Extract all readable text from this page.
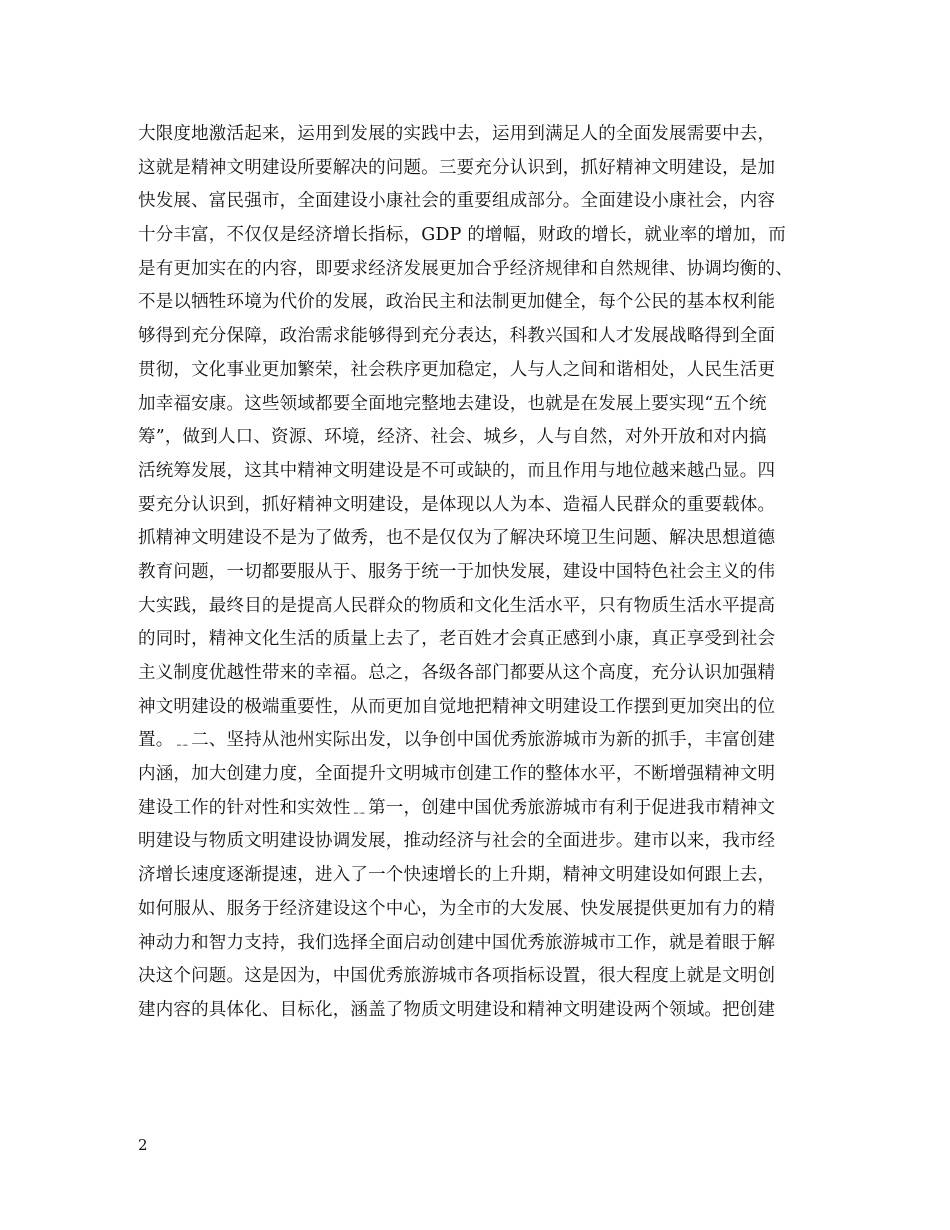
大限度地激活起来，运用到发展的实践中去，运用到满足人的全面发展需要中去，
这就是精神文明建设所要解决的问题。三要充分认识到，抓好精神文明建设，是加
快发展、富民强市，全面建设小康社会的重要组成部分。全面建设小康社会，内容
十分丰富，不仅仅是经济增长指标，GDP 的增幅，财政的增长，就业率的增加，而
是有更加实在的内容，即要求经济发展更加合乎经济规律和自然规律、协调均衡的、
不是以牺牲环境为代价的发展，政治民主和法制更加健全，每个公民的基本权利能
够得到充分保障，政治需求能够得到充分表达，科教兴国和人才发展战略得到全面
贯彻，文化事业更加繁荣，社会秩序更加稳定，人与人之间和谐相处，人民生活更
加幸福安康。这些领域都要全面地完整地去建设，也就是在发展上要实现“五个统
筹”，做到人口、资源、环境，经济、社会、城乡，人与自然，对外开放和对内搞
活统筹发展，这其中精神文明建设是不可或缺的，而且作用与地位越来越凸显。四
要充分认识到，抓好精神文明建设，是体现以人为本、造福人民群众的重要载体。
抓精神文明建设不是为了做秀，也不是仅仅为了解决环境卫生问题、解决思想道德
教育问题，一切都要服从于、服务于统一于加快发展，建设中国特色社会主义的伟
大实践，最终目的是提高人民群众的物质和文化生活水平，只有物质生活水平提高
的同时，精神文化生活的质量上去了，老百姓才会真正感到小康，真正享受到社会
主义制度优越性带来的幸福。总之，各级各部门都要从这个高度，充分认识加强精
神文明建设的极端重要性，从而更加自觉地把精神文明建设工作摆到更加突出的位
置。﹎二、坚持从池州实际出发，以争创中国优秀旅游城市为新的抓手，丰富创建
内涵，加大创建力度，全面提升文明城市创建工作的整体水平，不断增强精神文明
建设工作的针对性和实效性﹎第一，创建中国优秀旅游城市有利于促进我市精神文
明建设与物质文明建设协调发展，推动经济与社会的全面进步。建市以来，我市经
济增长速度逐渐提速，进入了一个快速增长的上升期，精神文明建设如何跟上去，
如何服从、服务于经济建设这个中心，为全市的大发展、快发展提供更加有力的精
神动力和智力支持，我们选择全面启动创建中国优秀旅游城市工作，就是着眼于解
决这个问题。这是因为，中国优秀旅游城市各项指标设置，很大程度上就是文明创
建内容的具体化、目标化，涵盖了物质文明建设和精神文明建设两个领域。把创建
2
